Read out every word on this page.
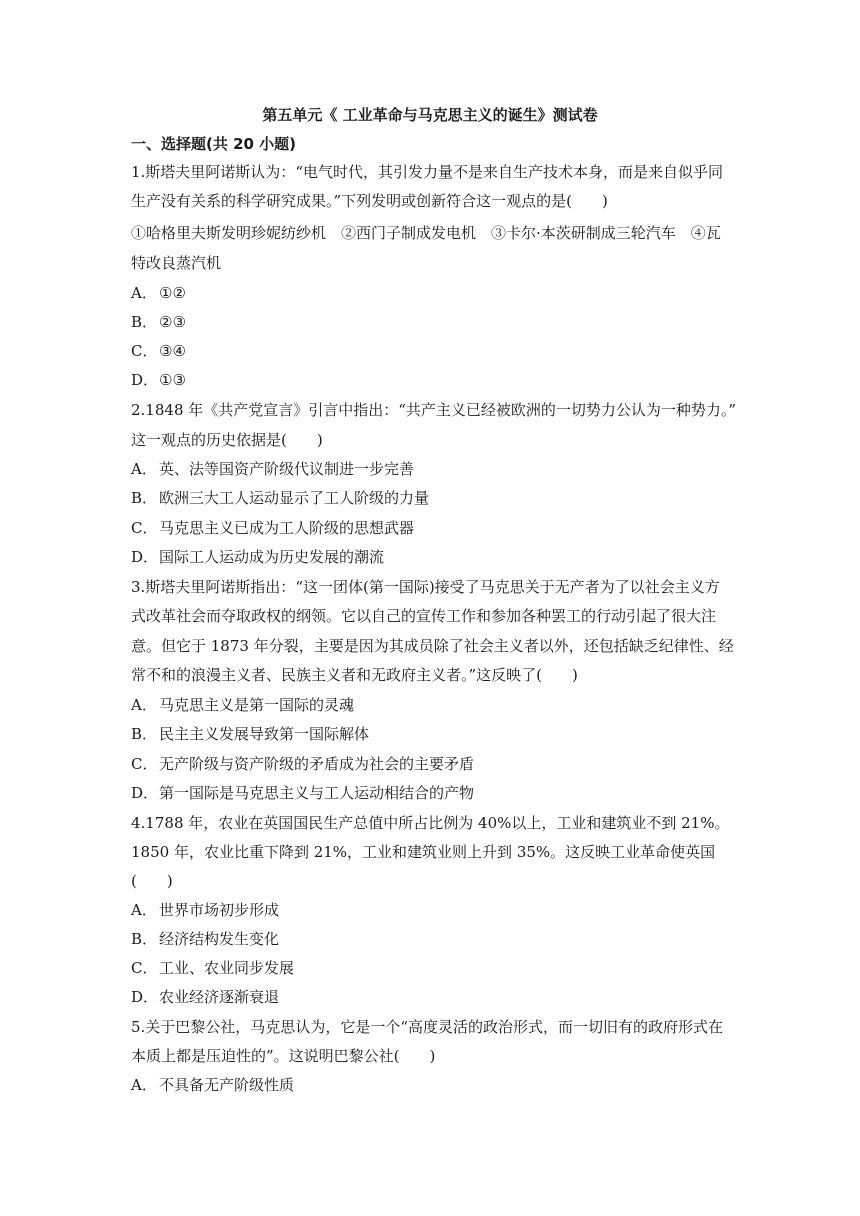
第五单元《 工业革命与马克思主义的诞生》测试卷
一、选择题(共 20 小题)
1.斯塔夫里阿诺斯认为：“电气时代，其引发力量不是来自生产技术本身，而是来自似乎同
生产没有关系的科学研究成果。”下列发明或创新符合这一观点的是(　　)
①哈格里夫斯发明珍妮纺纱机　②西门子制成发电机　③卡尔·本茨研制成三轮汽车　④瓦
特改良蒸汽机
A． ①②
B． ②③
C． ③④
D．①③
2.1848 年《共产党宣言》引言中指出：“共产主义已经被欧洲的一切势力公认为一种势力。”
这一观点的历史依据是(　　)
A． 英、法等国资产阶级代议制进一步完善
B． 欧洲三大工人运动显示了工人阶级的力量
C． 马克思主义已成为工人阶级的思想武器
D．国际工人运动成为历史发展的潮流
3.斯塔夫里阿诺斯指出：“这一团体(第一国际)接受了马克思关于无产者为了以社会主义方
式改革社会而夺取政权的纲领。它以自己的宣传工作和参加各种罢工的行动引起了很大注
意。但它于 1873 年分裂，主要是因为其成员除了社会主义者以外，还包括缺乏纪律性、经
常不和的浪漫主义者、民族主义者和无政府主义者。”这反映了(　　)
A． 马克思主义是第一国际的灵魂
B． 民主主义发展导致第一国际解体
C． 无产阶级与资产阶级的矛盾成为社会的主要矛盾
D．第一国际是马克思主义与工人运动相结合的产物
4.1788 年，农业在英国国民生产总值中所占比例为 40%以上，工业和建筑业不到 21%。
1850 年，农业比重下降到 21%，工业和建筑业则上升到 35%。这反映工业革命使英国
(　　)
A． 世界市场初步形成
B． 经济结构发生变化
C． 工业、农业同步发展
D．农业经济逐渐衰退
5.关于巴黎公社，马克思认为，它是一个“高度灵活的政治形式，而一切旧有的政府形式在
本质上都是压迫性的”。这说明巴黎公社(　　)
A． 不具备无产阶级性质
